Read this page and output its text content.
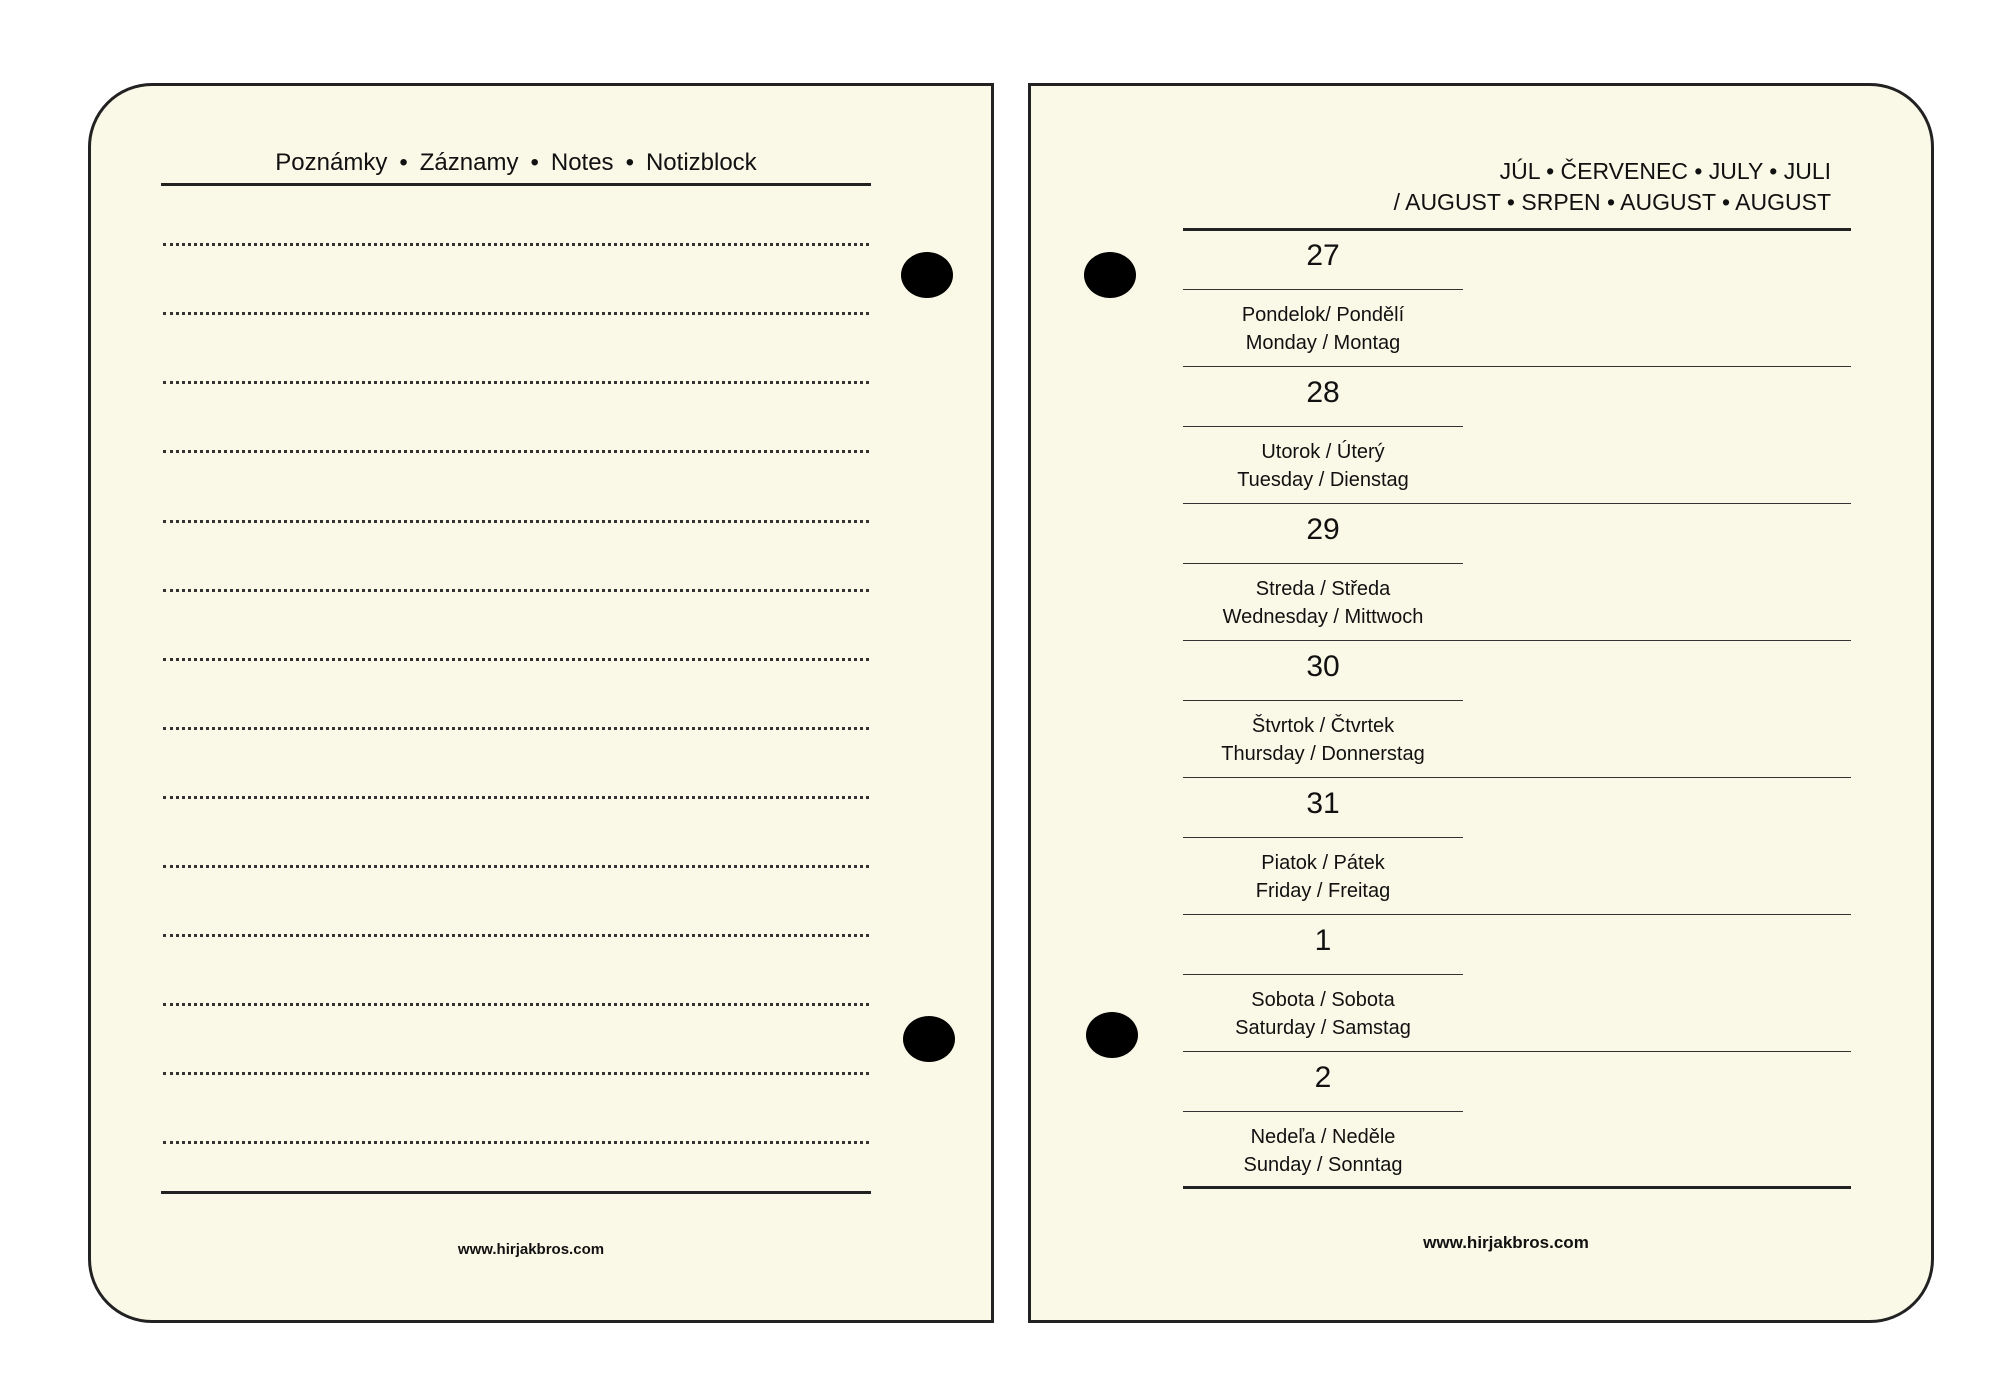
Poznámky • Záznamy • Notes • Notizblock
www.hirjakbros.com
JÚL • ČERVENEC • JULY • JULI
/ AUGUST • SRPEN • AUGUST • AUGUST
27
Pondelok/ Pondělí
Monday / Montag
28
Utorok / Úterý
Tuesday / Dienstag
29
Streda / Středa
Wednesday / Mittwoch
30
Štvrtok / Čtvrtek
Thursday / Donnerstag
31
Piatok / Pátek
Friday / Freitag
1
Sobota / Sobota
Saturday / Samstag
2
Nedeľa / Neděle
Sunday / Sonntag
www.hirjakbros.com
